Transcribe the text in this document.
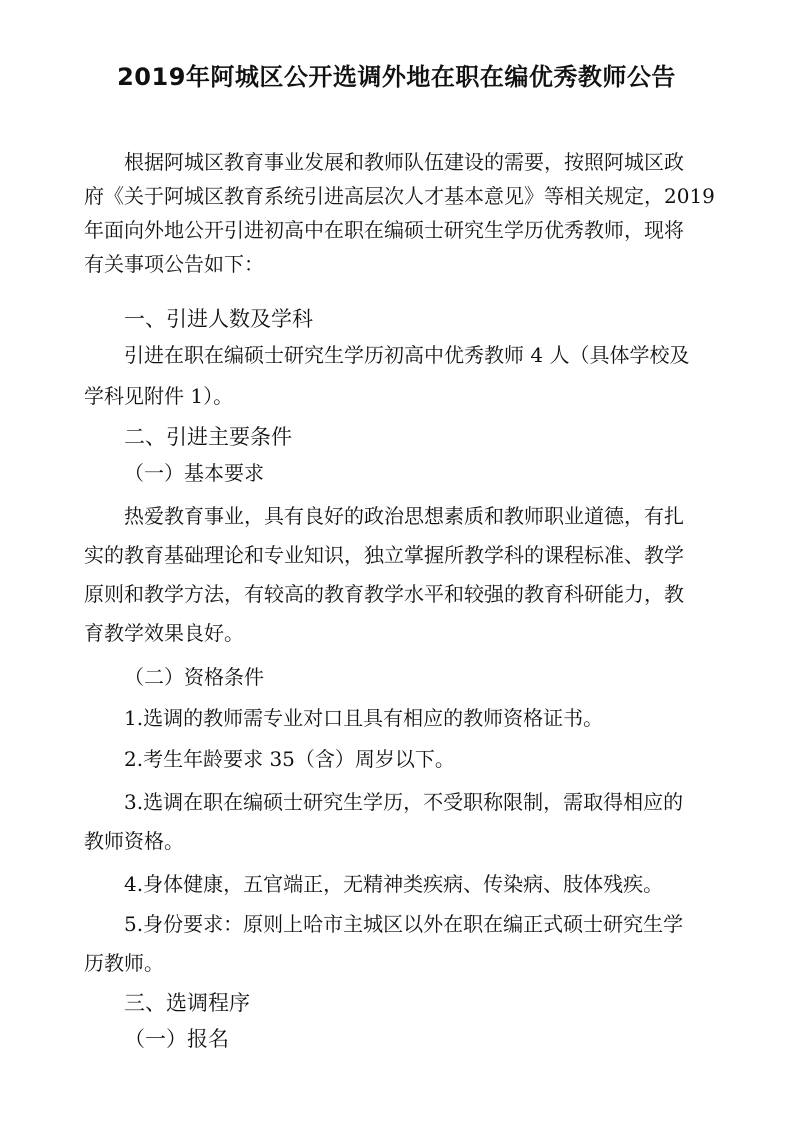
2019年阿城区公开选调外地在职在编优秀教师公告
根据阿城区教育事业发展和教师队伍建设的需要，按照阿城区政
府《关于阿城区教育系统引进高层次人才基本意见》等相关规定，2019
年面向外地公开引进初高中在职在编硕士研究生学历优秀教师，现将
有关事项公告如下：
一、引进人数及学科
引进在职在编硕士研究生学历初高中优秀教师 4 人（具体学校及
学科见附件 1）。
二、引进主要条件
（一）基本要求
热爱教育事业，具有良好的政治思想素质和教师职业道德，有扎
实的教育基础理论和专业知识，独立掌握所教学科的课程标准、教学
原则和教学方法，有较高的教育教学水平和较强的教育科研能力，教
育教学效果良好。
（二）资格条件
1.选调的教师需专业对口且具有相应的教师资格证书。
2.考生年龄要求 35（含）周岁以下。
3.选调在职在编硕士研究生学历，不受职称限制，需取得相应的
教师资格。
4.身体健康，五官端正，无精神类疾病、传染病、肢体残疾。
5.身份要求：原则上哈市主城区以外在职在编正式硕士研究生学
历教师。
三、选调程序
（一）报名
